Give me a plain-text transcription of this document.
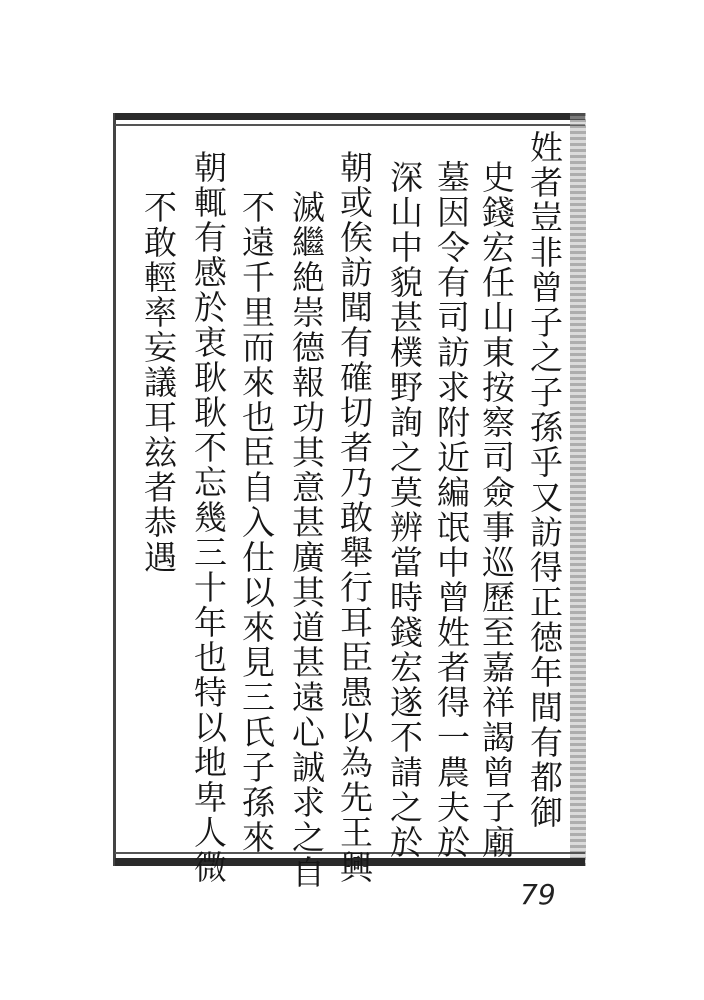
姓者豈非曾子之子孫乎又訪得正徳年間有都御
史錢宏任山東按察司僉事巡歷至嘉祥謁曾子廟
墓因令有司訪求附近編氓中曾姓者得一農夫於
深山中貌甚樸野詢之莫辨當時錢宏遂不請之於
朝或俟訪聞有確切者乃敢舉行耳臣愚以為先王興
滅繼絶崇德報功其意甚廣其道甚遠心誠求之自
不遠千里而來也臣自入仕以來見三氏子孫來
朝輒有感於衷耿耿不忘幾三十年也特以地卑人微
不敢輕率妄議耳玆者恭遇
79
